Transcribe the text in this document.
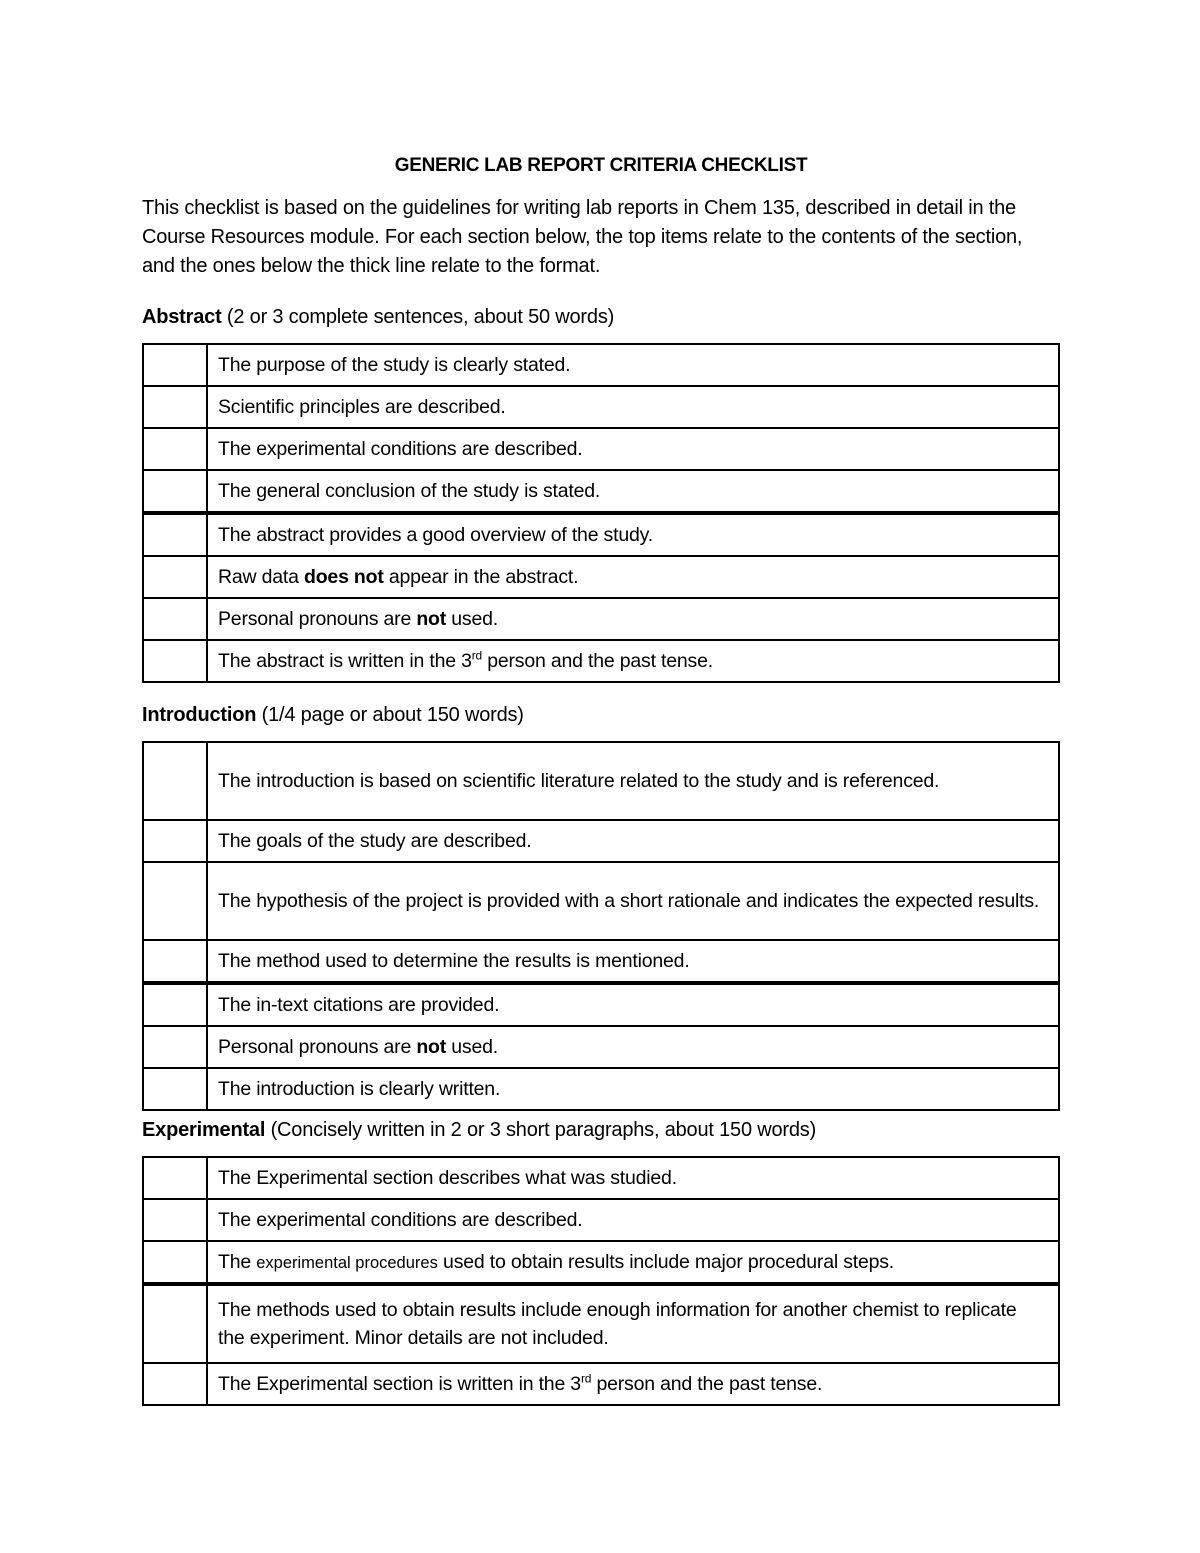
GENERIC LAB REPORT CRITERIA CHECKLIST
This checklist is based on the guidelines for writing lab reports in Chem 135, described in detail in the Course Resources module. For each section below, the top items relate to the contents of the section, and the ones below the thick line relate to the format.
Abstract (2 or 3 complete sentences, about 50 words)
	The purpose of the study is clearly stated.
	Scientific principles are described.
	The experimental conditions are described.
	The general conclusion of the study is stated.
	The abstract provides a good overview of the study.
	Raw data does not appear in the abstract.
	Personal pronouns are not used.
	The abstract is written in the 3rd person and the past tense.
Introduction (1/4 page or about 150 words)
	The introduction is based on scientific literature related to the study and is referenced.
	The goals of the study are described.
	The hypothesis of the project is provided with a short rationale and indicates the expected results.
	The method used to determine the results is mentioned.
	The in-text citations are provided.
	Personal pronouns are not used.
	The introduction is clearly written.
Experimental (Concisely written in 2 or 3 short paragraphs, about 150 words)
	The Experimental section describes what was studied.
	The experimental conditions are described.
	The experimental procedures used to obtain results include major procedural steps.
	The methods used to obtain results include enough information for another chemist to replicate the experiment. Minor details are not included.
	The Experimental section is written in the 3rd person and the past tense.
